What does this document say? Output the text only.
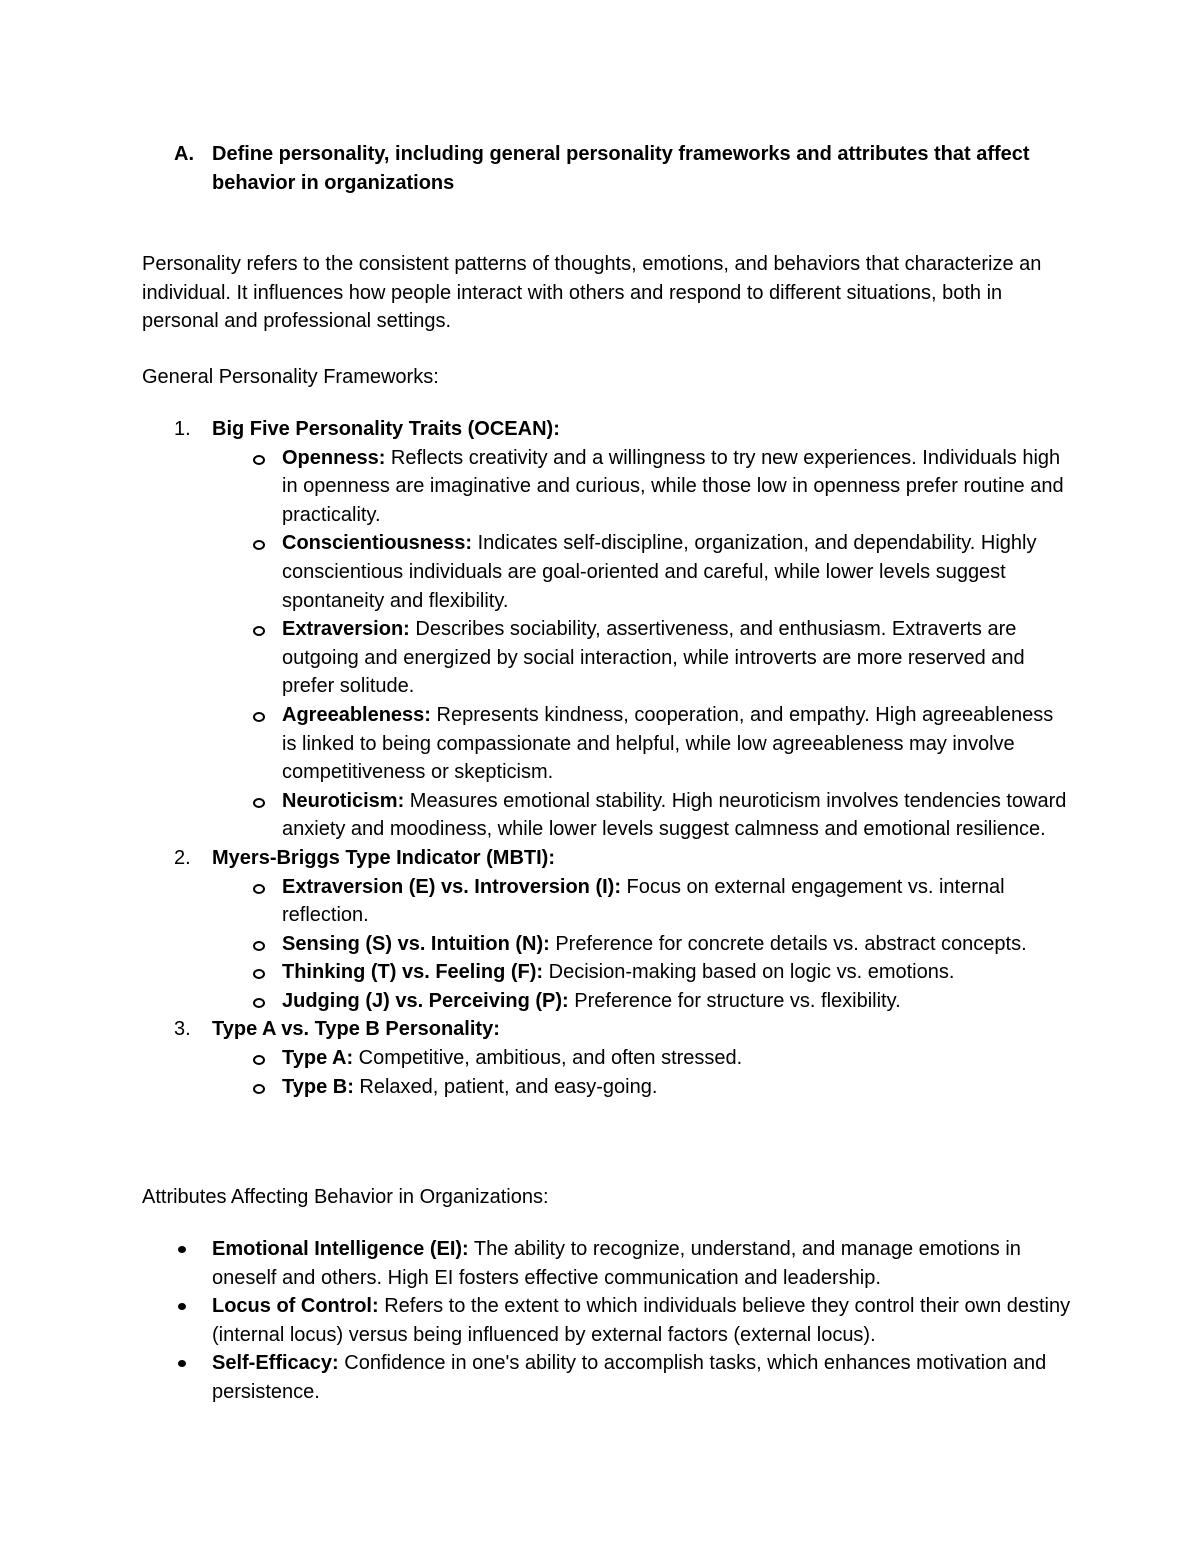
A. Define personality, including general personality frameworks and attributes that affect behavior in organizations
Personality refers to the consistent patterns of thoughts, emotions, and behaviors that characterize an individual. It influences how people interact with others and respond to different situations, both in personal and professional settings.
General Personality Frameworks:
1. Big Five Personality Traits (OCEAN):
Openness: Reflects creativity and a willingness to try new experiences. Individuals high in openness are imaginative and curious, while those low in openness prefer routine and practicality.
Conscientiousness: Indicates self-discipline, organization, and dependability. Highly conscientious individuals are goal-oriented and careful, while lower levels suggest spontaneity and flexibility.
Extraversion: Describes sociability, assertiveness, and enthusiasm. Extraverts are outgoing and energized by social interaction, while introverts are more reserved and prefer solitude.
Agreeableness: Represents kindness, cooperation, and empathy. High agreeableness is linked to being compassionate and helpful, while low agreeableness may involve competitiveness or skepticism.
Neuroticism: Measures emotional stability. High neuroticism involves tendencies toward anxiety and moodiness, while lower levels suggest calmness and emotional resilience.
2. Myers-Briggs Type Indicator (MBTI):
Extraversion (E) vs. Introversion (I): Focus on external engagement vs. internal reflection.
Sensing (S) vs. Intuition (N): Preference for concrete details vs. abstract concepts.
Thinking (T) vs. Feeling (F): Decision-making based on logic vs. emotions.
Judging (J) vs. Perceiving (P): Preference for structure vs. flexibility.
3. Type A vs. Type B Personality:
Type A: Competitive, ambitious, and often stressed.
Type B: Relaxed, patient, and easy-going.
Attributes Affecting Behavior in Organizations:
Emotional Intelligence (EI): The ability to recognize, understand, and manage emotions in oneself and others. High EI fosters effective communication and leadership.
Locus of Control: Refers to the extent to which individuals believe they control their own destiny (internal locus) versus being influenced by external factors (external locus).
Self-Efficacy: Confidence in one's ability to accomplish tasks, which enhances motivation and persistence.
